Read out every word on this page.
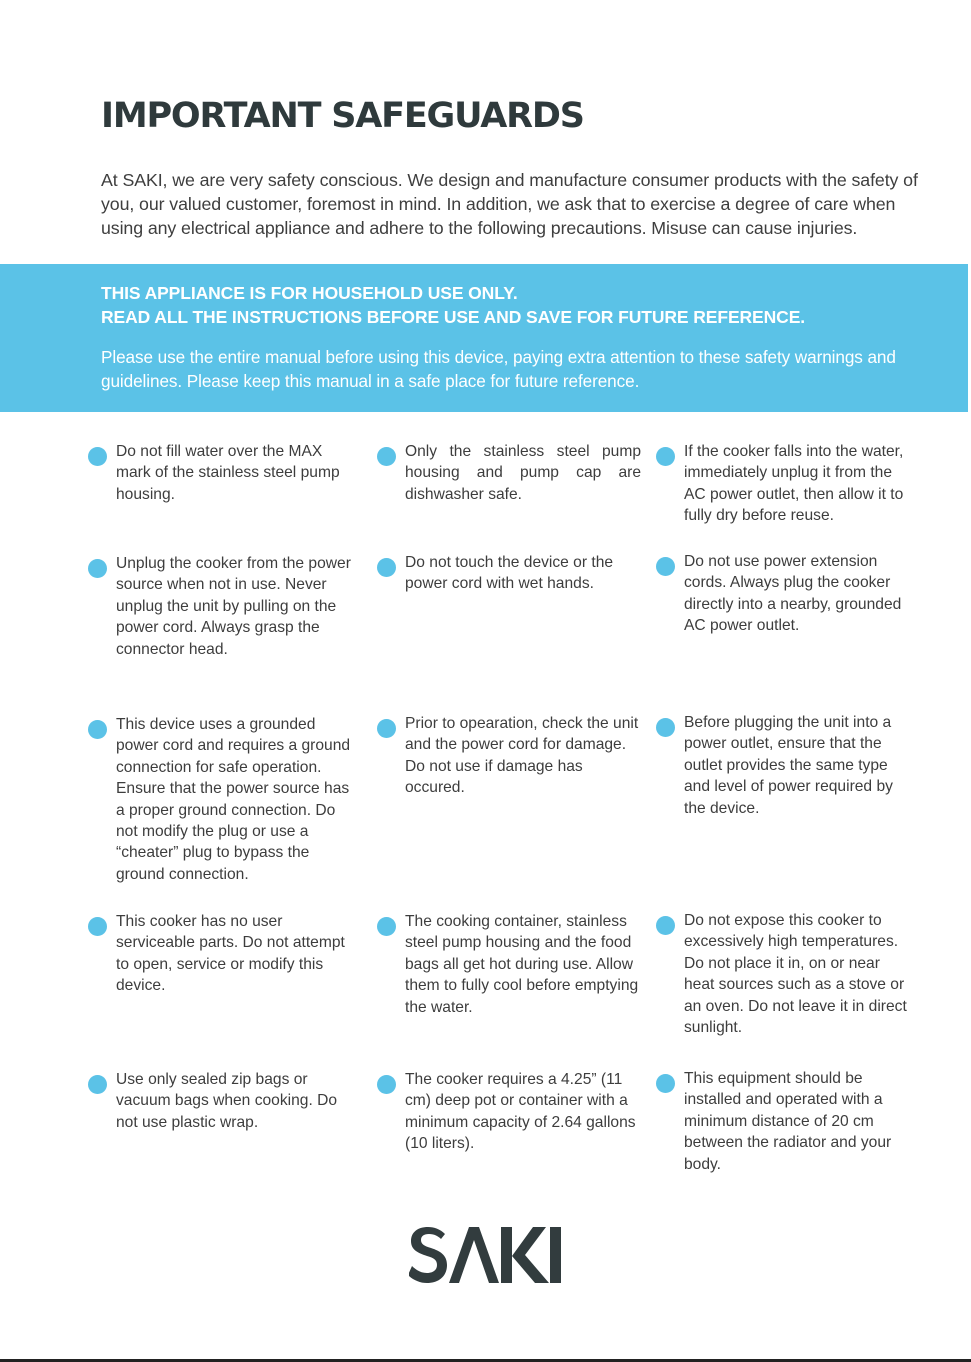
IMPORTANT SAFEGUARDS

At SAKI, we are very safety conscious. We design and manufacture consumer products with the safety of you, our valued customer, foremost in mind. In addition, we ask that to exercise a degree of care when using any electrical appliance and adhere to the following precautions. Misuse can cause injuries.

THIS APPLIANCE IS FOR HOUSEHOLD USE ONLY.
READ ALL THE INSTRUCTIONS BEFORE USE AND SAVE FOR FUTURE REFERENCE.

Please use the entire manual before using this device, paying extra attention to these safety warnings and guidelines. Please keep this manual in a safe place for future reference.

Do not fill water over the MAX mark of the stainless steel pump housing.

Only the stainless steel pump housing and pump cap are dishwasher safe.

If the cooker falls into the water, immediately unplug it from the AC power outlet, then allow it to fully dry before reuse.

Unplug the cooker from the power source when not in use. Never unplug the unit by pulling on the power cord. Always grasp the connector head.

Do not touch the device or the power cord with wet hands.

Do not use power extension cords. Always plug the cooker directly into a nearby, grounded AC power outlet.

This device uses a grounded power cord and requires a ground connection for safe operation. Ensure that the power source has a proper ground connection. Do not modify the plug or use a “cheater” plug to bypass the ground connection.

Prior to opearation, check the unit and the power cord for damage. Do not use if damage has occured.

Before plugging the unit into a power outlet, ensure that the outlet provides the same type and level of power required by the device.

This cooker has no user serviceable parts. Do not attempt to open, service or modify this device.

The cooking container, stainless steel pump housing and the food bags all get hot during use. Allow them to fully cool before emptying the water.

Do not expose this cooker to excessively high temperatures. Do not place it in, on or near heat sources such as a stove or an oven. Do not leave it in direct sunlight.

Use only sealed zip bags or vacuum bags when cooking. Do not use plastic wrap.

The cooker requires a 4.25” (11 cm) deep pot or container with a minimum capacity of 2.64 gallons (10 liters).

This equipment should be installed and operated with a minimum distance of 20 cm between the radiator and your body.
